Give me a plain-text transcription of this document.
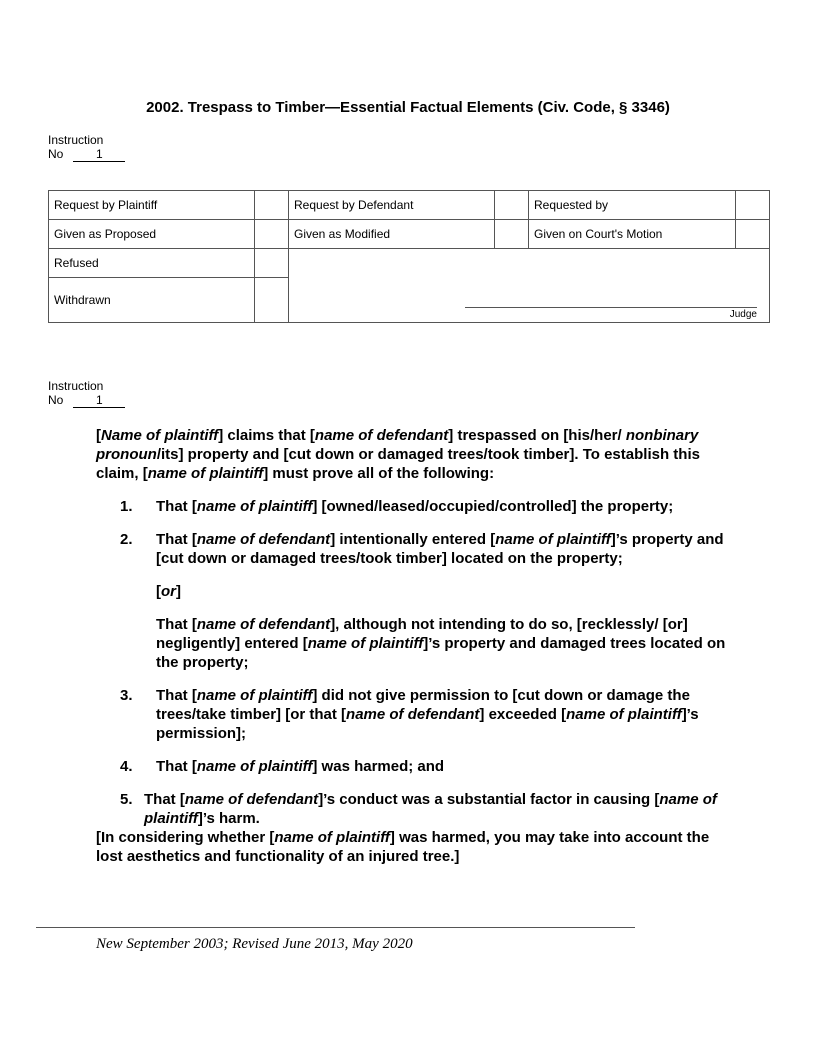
2002. Trespass to Timber—Essential Factual Elements (Civ. Code, § 3346)
Instruction
No	1
Request by Plaintiff		Request by Defendant		Requested by	
Given as Proposed		Given as Modified		Given on Court's Motion	
Refused		Judge			

Withdrawn					
Instruction
No	1

[Name of plaintiff] claims that [name of defendant] trespassed on [his/her/ nonbinary pronoun/its] property and [cut down or damaged trees/took timber]. To establish this claim, [name of plaintiff] must prove all of the following:

1. That [name of plaintiff] [owned/leased/occupied/controlled] the property;
2. That [name of defendant] intentionally entered [name of plaintiff]’s property and [cut down or damaged trees/took timber] located on the property;
[or]
That [name of defendant], although not intending to do so, [recklessly/ [or] negligently] entered [name of plaintiff]’s property and damaged trees located on the property;
3. That [name of plaintiff] did not give permission to [cut down or damage the trees/take timber] [or that [name of defendant] exceeded [name of plaintiff]’s permission];
4. That [name of plaintiff] was harmed; and
5. That [name of defendant]’s conduct was a substantial factor in causing [name of plaintiff]’s harm.

[In considering whether [name of plaintiff] was harmed, you may take into account the lost aesthetics and functionality of an injured tree.]

New September 2003; Revised June 2013, May 2020
